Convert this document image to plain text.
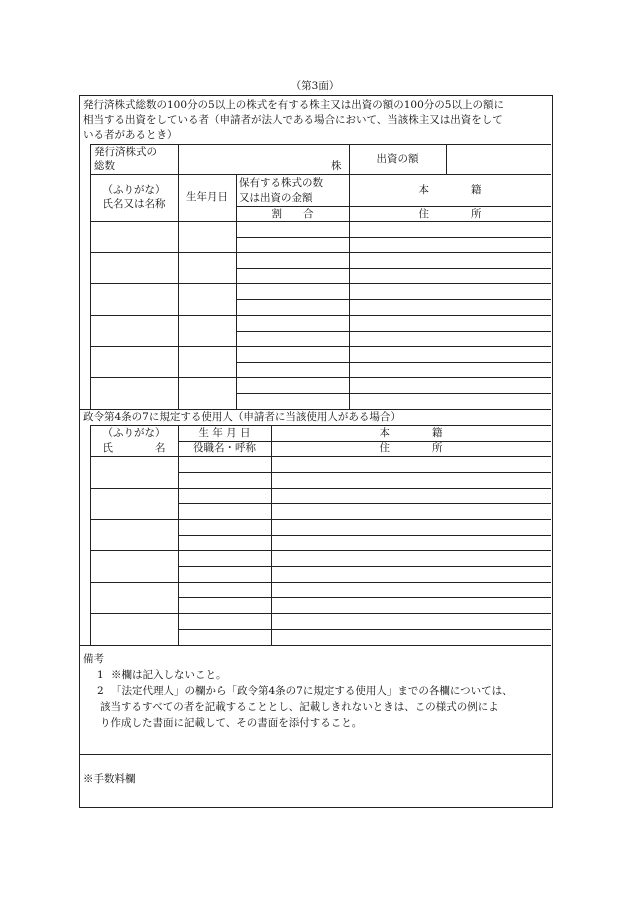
（第3面）
発行済株式総数の100分の5以上の株式を有する株主又は出資の額の100分の5以上の額に
相当する出資をしている者（申請者が法人である場合において、当該株主又は出資をして
いる者があるとき）
発行済株式の
総数	株
出資の額
（ふりがな）
氏名又は名称
生年月日
保有する株式の数
又は出資の金額
割　　合
本　　　　籍
住　　　　所
政令第4条の7に規定する使用人（申請者に当該使用人がある場合）
（ふりがな）
氏　　　　名
生 年 月 日
役職名・呼称
本　　　　籍
住　　　　所
備考
1 ※欄は記入しないこと。
2 「法定代理人」の欄から「政令第4条の7に規定する使用人」までの各欄については、
該当するすべての者を記載することとし、記載しきれないときは、この様式の例によ
り作成した書面に記載して、その書面を添付すること。
※手数料欄
